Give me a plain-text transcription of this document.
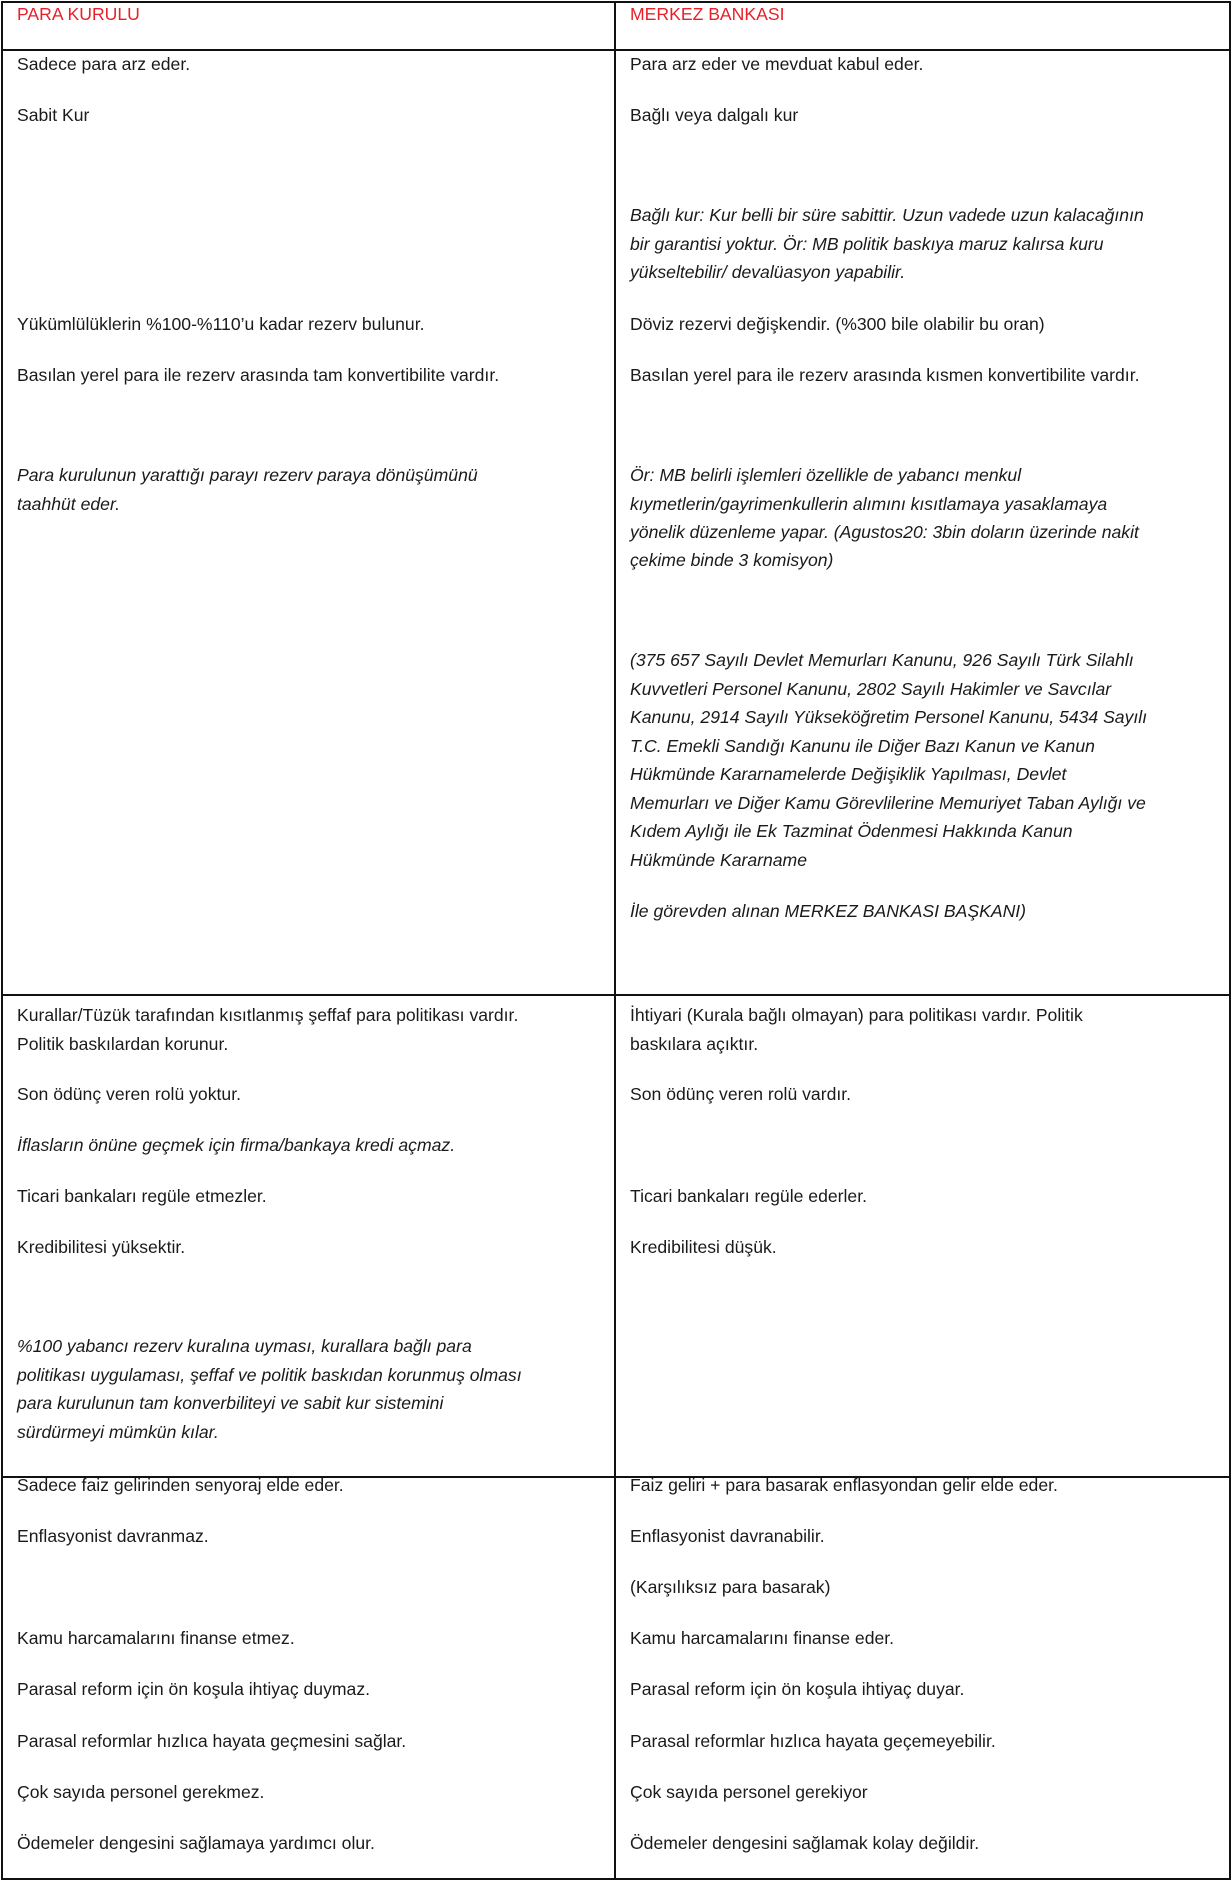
PARA KURULU	MERKEZ BANKASI
Sadece para arz eder.
Sabit Kur
Yükümlülüklerin %100-%110’u kadar rezerv bulunur.
Basılan yerel para ile rezerv arasında tam konvertibilite vardır.
Para kurulunun yarattığı parayı rezerv paraya dönüşümünü
taahhüt eder.
Kurallar/Tüzük tarafından kısıtlanmış şeffaf para politikası vardır.
Politik baskılardan korunur.
Son ödünç veren rolü yoktur.
İflasların önüne geçmek için firma/bankaya kredi açmaz.
Ticari bankaları regüle etmezler.
Kredibilitesi yüksektir.
%100 yabancı rezerv kuralına uyması, kurallara bağlı para
politikası uygulaması, şeffaf ve politik baskıdan korunmuş olması
para kurulunun tam konverbiliteyi ve sabit kur sistemini
sürdürmeyi mümkün kılar.
Sadece faiz gelirinden senyoraj elde eder.
Enflasyonist davranmaz.
Kamu harcamalarını finanse etmez.
Parasal reform için ön koşula ihtiyaç duymaz.
Parasal reformlar hızlıca hayata geçmesini sağlar.
Çok sayıda personel gerekmez.
Ödemeler dengesini sağlamaya yardımcı olur.
Para arz eder ve mevduat kabul eder.
Bağlı veya dalgalı kur
Bağlı kur: Kur belli bir süre sabittir. Uzun vadede uzun kalacağının
bir garantisi yoktur. Ör: MB politik baskıya maruz kalırsa kuru
yükseltebilir/ devalüasyon yapabilir.
Döviz rezervi değişkendir. (%300 bile olabilir bu oran)
Basılan yerel para ile rezerv arasında kısmen konvertibilite vardır.
Ör: MB belirli işlemleri özellikle de yabancı menkul
kıymetlerin/gayrimenkullerin alımını kısıtlamaya yasaklamaya
yönelik düzenleme yapar. (Agustos20: 3bin doların üzerinde nakit
çekime binde 3 komisyon)
(375 657 Sayılı Devlet Memurları Kanunu, 926 Sayılı Türk Silahlı
Kuvvetleri Personel Kanunu, 2802 Sayılı Hakimler ve Savcılar
Kanunu, 2914 Sayılı Yükseköğretim Personel Kanunu, 5434 Sayılı
T.C. Emekli Sandığı Kanunu ile Diğer Bazı Kanun ve Kanun
Hükmünde Kararnamelerde Değişiklik Yapılması, Devlet
Memurları ve Diğer Kamu Görevlilerine Memuriyet Taban Aylığı ve
Kıdem Aylığı ile Ek Tazminat Ödenmesi Hakkında Kanun
Hükmünde Kararname
İle görevden alınan MERKEZ BANKASI BAŞKANI)
İhtiyari (Kurala bağlı olmayan) para politikası vardır. Politik
baskılara açıktır.
Son ödünç veren rolü vardır.
Ticari bankaları regüle ederler.
Kredibilitesi düşük.
Faiz geliri + para basarak enflasyondan gelir elde eder.
Enflasyonist davranabilir.
(Karşılıksız para basarak)
Kamu harcamalarını finanse eder.
Parasal reform için ön koşula ihtiyaç duyar.
Parasal reformlar hızlıca hayata geçemeyebilir.
Çok sayıda personel gerekiyor
Ödemeler dengesini sağlamak kolay değildir.
